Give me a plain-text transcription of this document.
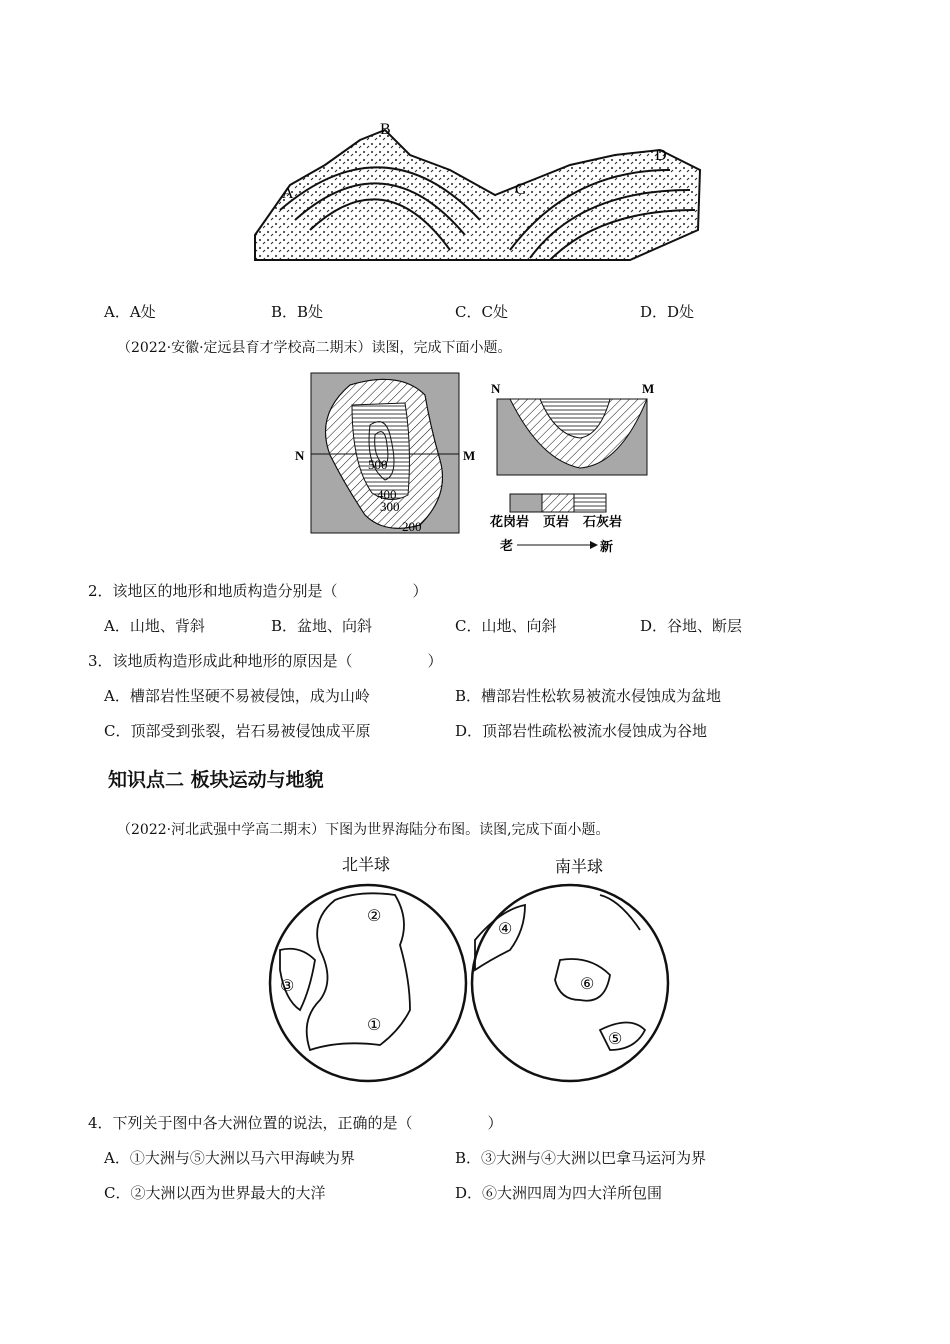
A
B
C
D
A．A处	B．B处	C．C处	D．D处
（2022·安徽·定远县育才学校高二期末）读图，完成下面小题。
N	M
500
400
300
200
N	M
花岗岩 页岩 石灰岩
老	新
2．该地区的地形和地质构造分别是（　　　　　）
A．山地、背斜	B．盆地、向斜	C．山地、向斜	D．谷地、断层
3．该地质构造形成此种地形的原因是（　　　　　）
A．槽部岩性坚硬不易被侵蚀，成为山岭	B．槽部岩性松软易被流水侵蚀成为盆地
C．顶部受到张裂，岩石易被侵蚀成平原	D．顶部岩性疏松被流水侵蚀成为谷地
知识点二 板块运动与地貌
（2022·河北武强中学高二期末）下图为世界海陆分布图。读图,完成下面小题。
北半球	南半球
②
③
①
④
⑥
⑤
4．下列关于图中各大洲位置的说法，正确的是（　　　　　）
A．①大洲与⑤大洲以马六甲海峡为界	B．③大洲与④大洲以巴拿马运河为界
C．②大洲以西为世界最大的大洋	D．⑥大洲四周为四大洋所包围
